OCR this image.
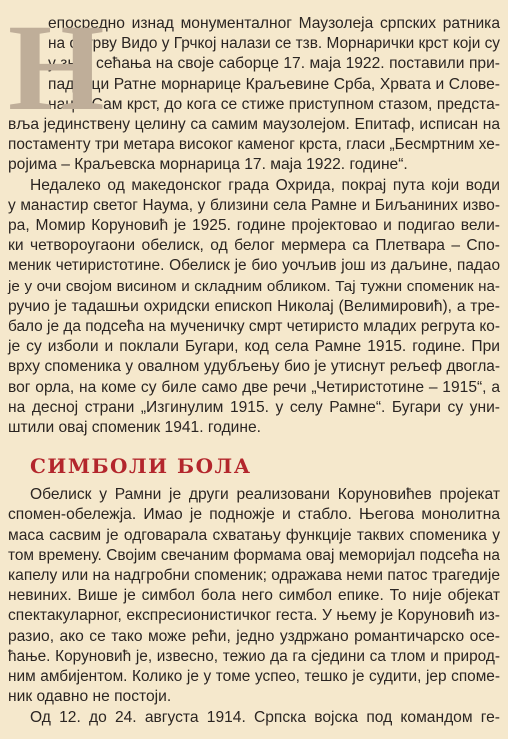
Н
епосредно изнад монументалног Маузолеја српских ратника
на острву Видо у Грчкој налази се тзв. Морнарички крст који су
у знак сећања на своје саборце 17. маја 1922. поставили при-
падници Ратне морнарице Краљевине Срба, Хрвата и Слове-
наца. Сам крст, до кога се стиже приступном стазом, предста-
вља јединствену целину са самим маузолејом. Епитаф, исписан на
постаменту три метара високог каменог крста, гласи „Бесмртним хе-
ројима – Краљевска морнарица 17. маја 1922. године“.
Недалеко од македонског града Охрида, покрај пута који води
у манастир светог Наума, у близини села Рамне и Биљаниних изво-
ра, Момир Коруновић је 1925. године пројектовао и подигао вели-
ки четвороугаони обелиск, од белог мермера са Плетвара – Спо-
меник четиристотине. Обелиск је био уочљив још из даљине, падао
је у очи својом висином и складним обликом. Тај тужни споменик на-
ручио је тадашњи охридски епископ Николај (Велимировић), а тре-
бало је да подсећа на мученичку смрт четиристо младих регрута ко-
је су изболи и поклали Бугари, код села Рамне 1915. године. При
врху споменика у овалном удубљењу био је утиснут рељеф двогла-
вог орла, на коме су биле само две речи „Четиристотине – 1915“, а
на десној страни „Изгинулим 1915. у селу Рамне“. Бугари су уни-
штили овај споменик 1941. године.
СИМБОЛИ БОЛА
Обелиск у Рамни је други реализовани Коруновићев пројекат
спомен-обележја. Имао је подножје и стабло. Његова монолитна
маса сасвим је одговарала схватању функције таквих споменика у
том времену. Својим свечаним формама овај меморијал подсећа на
капелу или на надгробни споменик; одражава неми патос трагедије
невиних. Више је симбол бола него симбол епике. То није објекат
спектакуларног, експресионистичког геста. У њему је Коруновић из-
разио, ако се тако може рећи, једно уздржано романтичарско осе-
ћање. Коруновић је, извесно, тежио да га сједини са тлом и природ-
ним амбијентом. Колико је у томе успео, тешко је судити, јер споме-
ник одавно не постоји.
Од 12. до 24. августа 1914. Српска војска под командом ге-
